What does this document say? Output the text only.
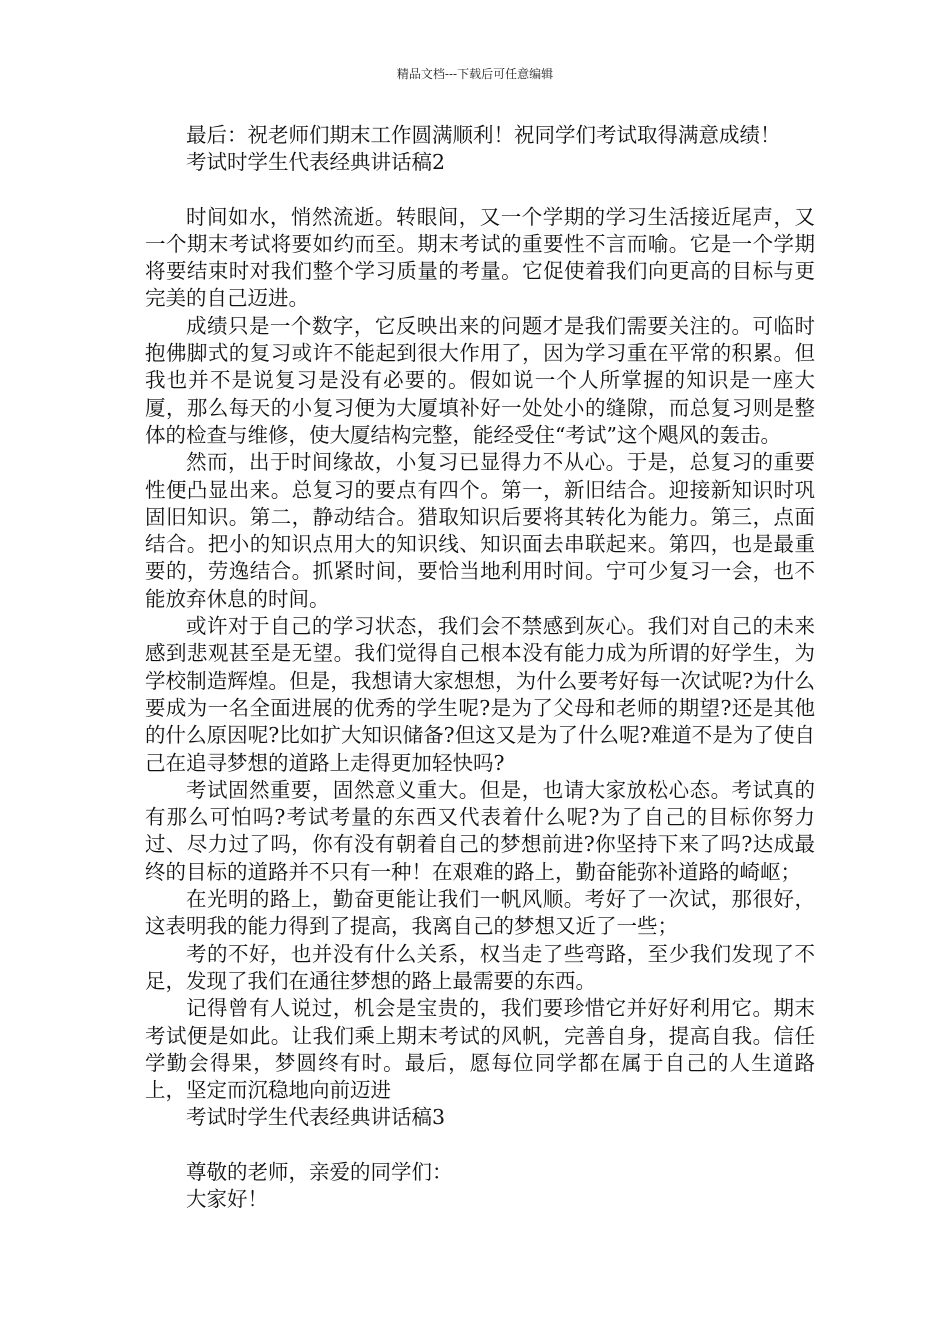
精品文档---下载后可任意编辑

最后：祝老师们期末工作圆满顺利！祝同学们考试取得满意成绩！

考试时学生代表经典讲话稿2

时间如水，悄然流逝。转眼间，又一个学期的学习生活接近尾声，又一个期末考试将要如约而至。期末考试的重要性不言而喻。它是一个学期将要结束时对我们整个学习质量的考量。它促使着我们向更高的目标与更完美的自己迈进。

成绩只是一个数字，它反映出来的问题才是我们需要关注的。可临时抱佛脚式的复习或许不能起到很大作用了，因为学习重在平常的积累。但我也并不是说复习是没有必要的。假如说一个人所掌握的知识是一座大厦，那么每天的小复习便为大厦填补好一处处小的缝隙，而总复习则是整体的检查与维修，使大厦结构完整，能经受住“考试”这个飓风的轰击。

然而，出于时间缘故，小复习已显得力不从心。于是，总复习的重要性便凸显出来。总复习的要点有四个。第一，新旧结合。迎接新知识时巩固旧知识。第二，静动结合。猎取知识后要将其转化为能力。第三，点面结合。把小的知识点用大的知识线、知识面去串联起来。第四，也是最重要的，劳逸结合。抓紧时间，要恰当地利用时间。宁可少复习一会，也不能放弃休息的时间。

或许对于自己的学习状态，我们会不禁感到灰心。我们对自己的未来感到悲观甚至是无望。我们觉得自己根本没有能力成为所谓的好学生，为学校制造辉煌。但是，我想请大家想想，为什么要考好每一次试呢?为什么要成为一名全面进展的优秀的学生呢?是为了父母和老师的期望?还是其他的什么原因呢?比如扩大知识储备?但这又是为了什么呢?难道不是为了使自己在追寻梦想的道路上走得更加轻快吗?

考试固然重要，固然意义重大。但是，也请大家放松心态。考试真的有那么可怕吗?考试考量的东西又代表着什么呢?为了自己的目标你努力过、尽力过了吗，你有没有朝着自己的梦想前进?你坚持下来了吗?达成最终的目标的道路并不只有一种！在艰难的路上，勤奋能弥补道路的崎岖；

在光明的路上，勤奋更能让我们一帆风顺。考好了一次试，那很好，这表明我的能力得到了提高，我离自己的梦想又近了一些；

考的不好，也并没有什么关系，权当走了些弯路，至少我们发现了不足，发现了我们在通往梦想的路上最需要的东西。

记得曾有人说过，机会是宝贵的，我们要珍惜它并好好利用它。期末考试便是如此。让我们乘上期末考试的风帆，完善自身，提高自我。信任学勤会得果，梦圆终有时。最后，愿每位同学都在属于自己的人生道路上，坚定而沉稳地向前迈进

考试时学生代表经典讲话稿3

尊敬的老师，亲爱的同学们：

大家好！
